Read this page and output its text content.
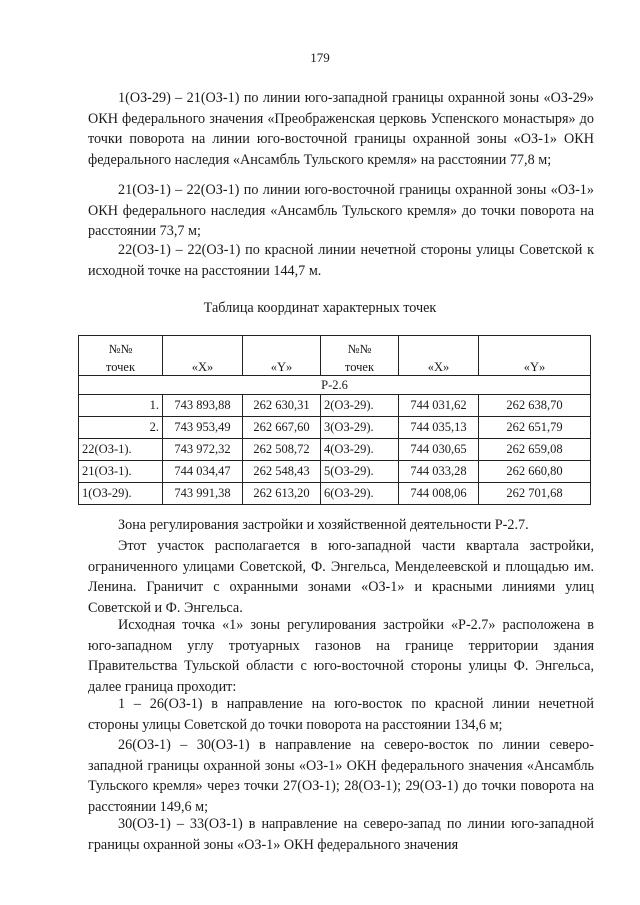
179

1(ОЗ-29) – 21(ОЗ-1) по линии юго-западной границы охранной зоны «ОЗ-29» ОКН федерального значения «Преображенская церковь Успенского монастыря» до точки поворота на линии юго-восточной границы охранной зоны «ОЗ-1» ОКН федерального наследия «Ансамбль Тульского кремля» на расстоянии 77,8 м;

21(ОЗ-1) – 22(ОЗ-1) по линии юго-восточной границы охранной зоны «ОЗ-1» ОКН федерального наследия «Ансамбль Тульского кремля» до точки поворота на расстоянии 73,7 м;

22(ОЗ-1) – 22(ОЗ-1) по красной линии нечетной стороны улицы Советской к исходной точке на расстоянии 144,7 м.

Таблица координат характерных точек
№№			№№		
точек	«X»	«Y»	точек	«X»	«Y»
Р-2.6					
1.	743 893,88	262 630,31	2(ОЗ-29).	744 031,62	262 638,70
2.	743 953,49	262 667,60	3(ОЗ-29).	744 035,13	262 651,79
22(ОЗ-1).	743 972,32	262 508,72	4(ОЗ-29).	744 030,65	262 659,08
21(ОЗ-1).	744 034,47	262 548,43	5(ОЗ-29).	744 033,28	262 660,80
1(ОЗ-29).	743 991,38	262 613,20	6(ОЗ-29).	744 008,06	262 701,68

Зона регулирования застройки и хозяйственной деятельности Р-2.7.

Этот участок располагается в юго-западной части квартала застройки, ограниченного улицами Советской, Ф. Энгельса, Менделеевской и площадью им. Ленина. Граничит с охранными зонами «ОЗ-1» и красными линиями улиц Советской и Ф. Энгельса.

Исходная точка «1» зоны регулирования застройки «Р-2.7» расположена в юго-западном углу тротуарных газонов на границе территории здания Правительства Тульской области с юго-восточной стороны улицы Ф. Энгельса, далее граница проходит:

1 – 26(ОЗ-1) в направление на юго-восток по красной линии нечетной стороны улицы Советской до точки поворота на расстоянии 134,6 м;

26(ОЗ-1) – 30(ОЗ-1) в направление на северо-восток по линии северо-западной границы охранной зоны «ОЗ-1» ОКН федерального значения «Ансамбль Тульского кремля» через точки 27(ОЗ-1); 28(ОЗ-1); 29(ОЗ-1) до точки поворота на расстоянии 149,6 м;

30(ОЗ-1) – 33(ОЗ-1) в направление на северо-запад по линии юго-западной границы охранной зоны «ОЗ-1» ОКН федерального значения
